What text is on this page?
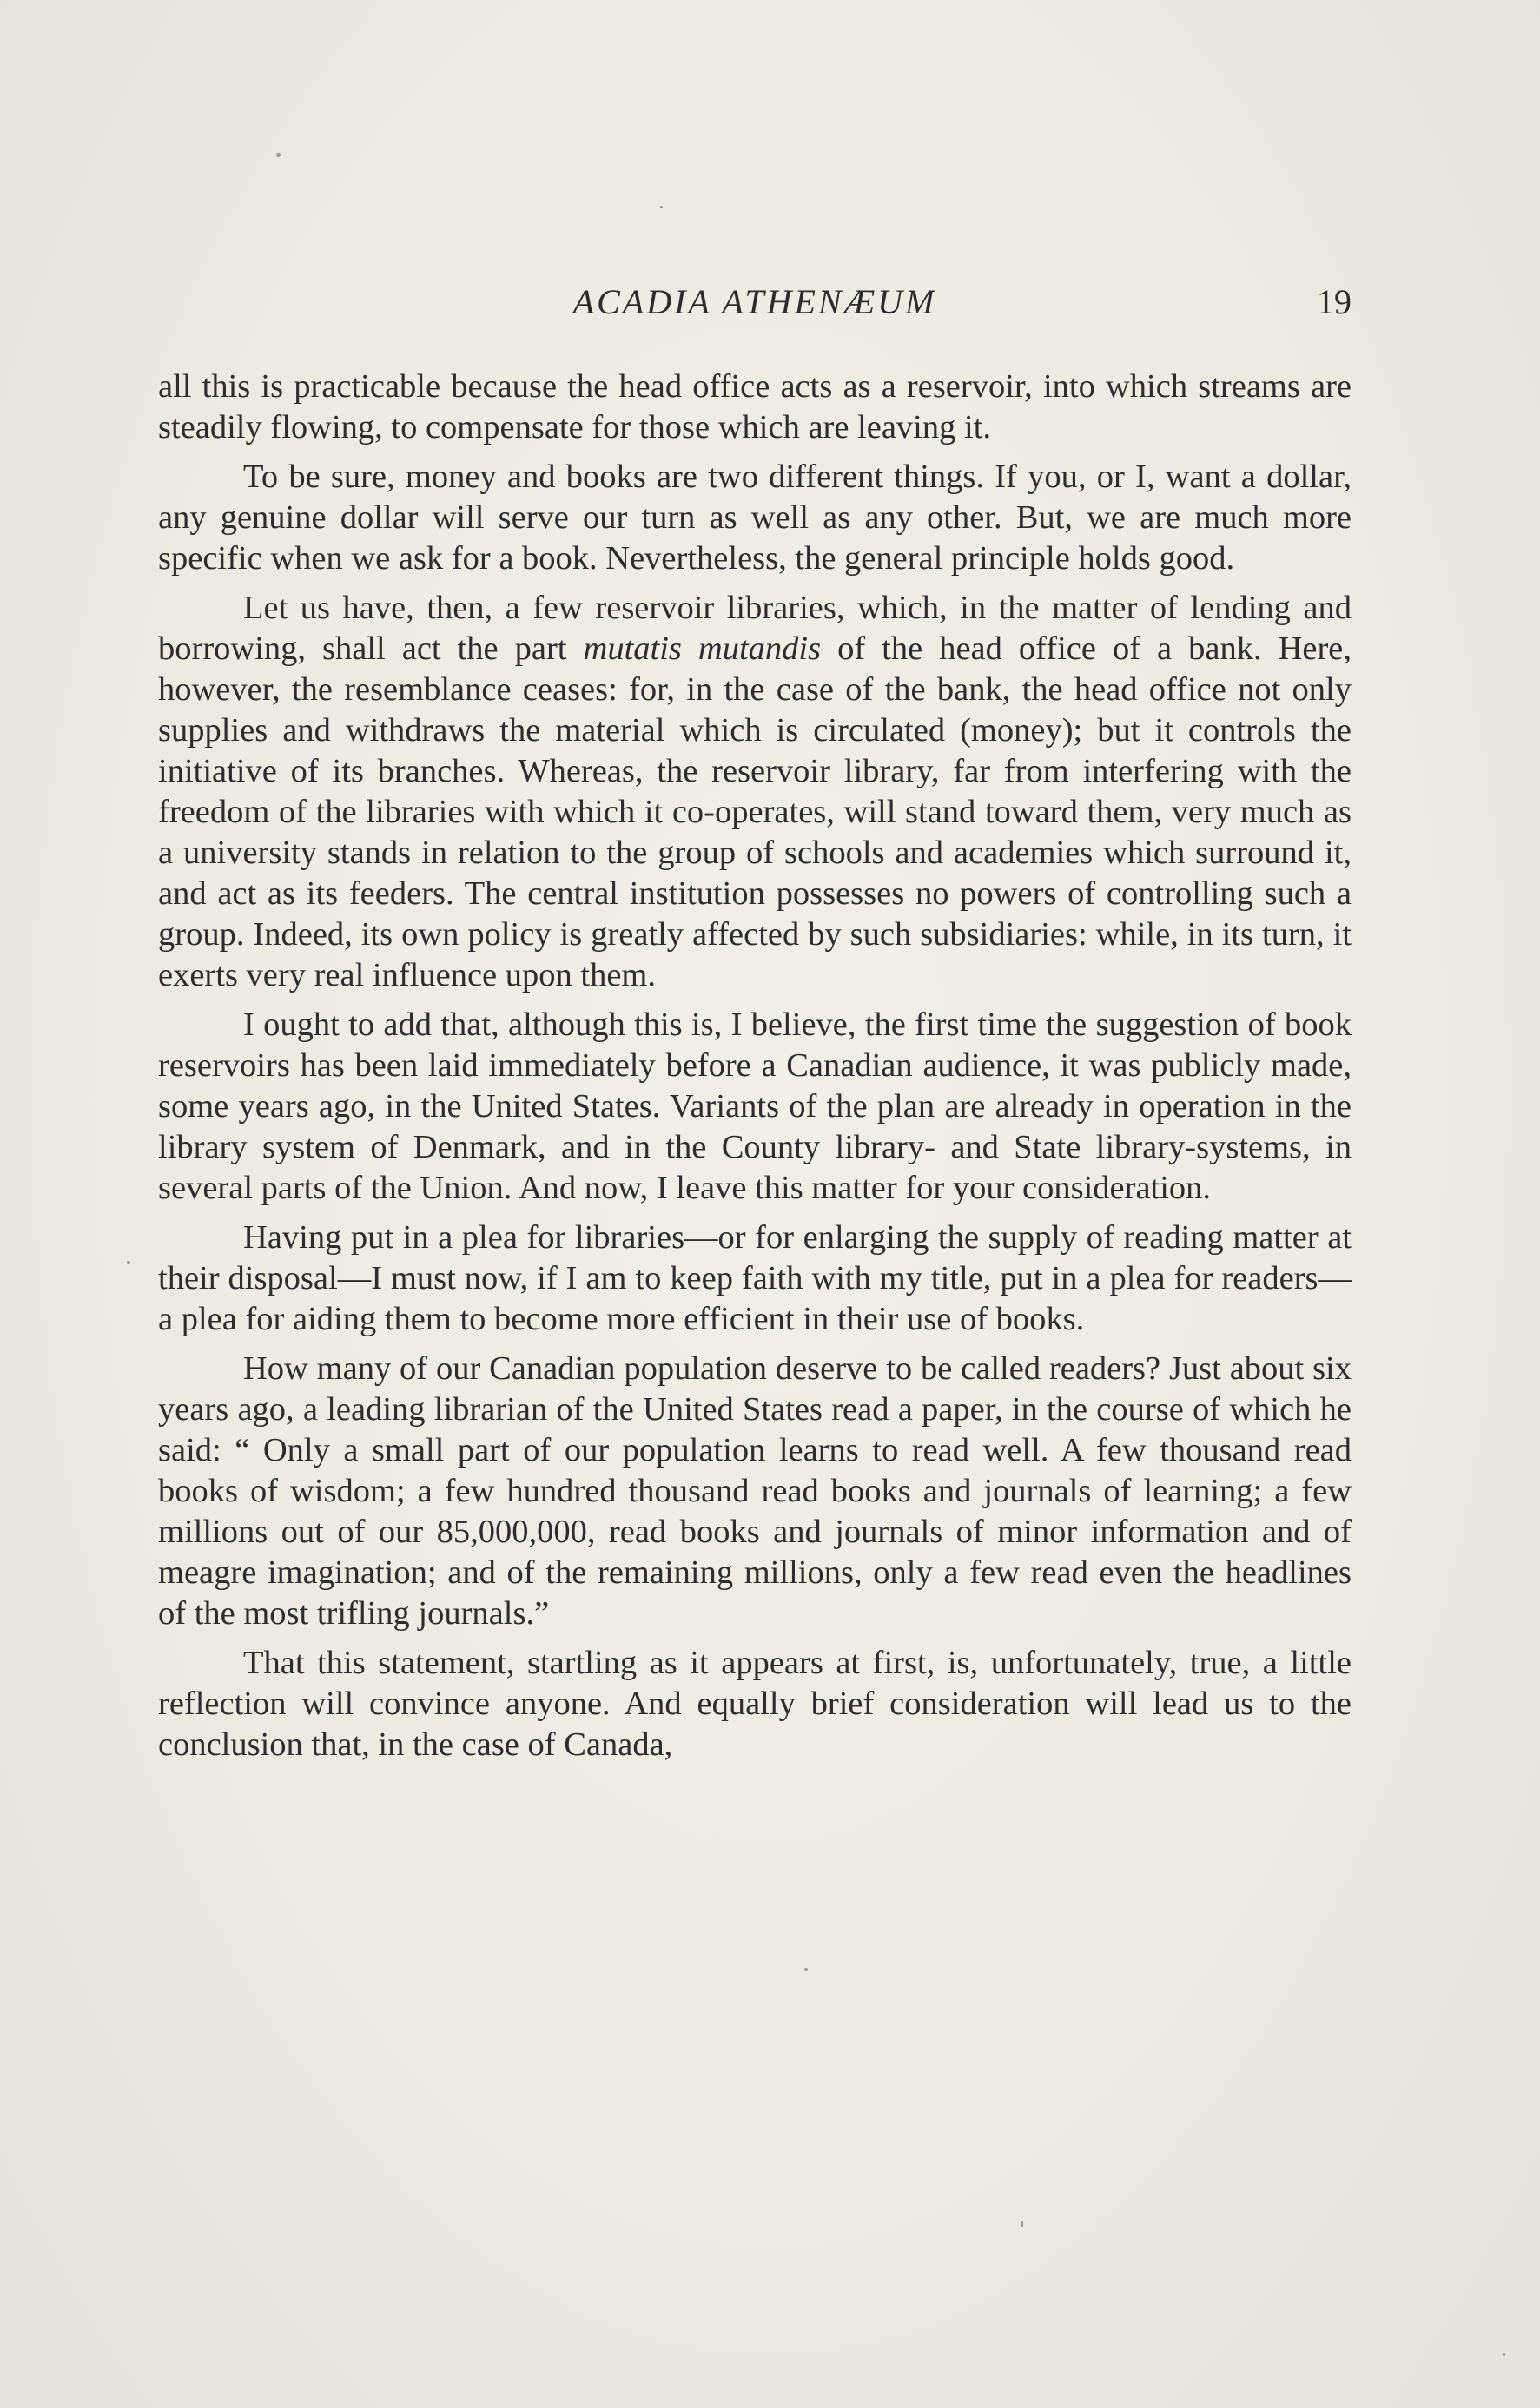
ACADIA ATHENÆUM	19

all this is practicable because the head office acts as a reservoir, into which streams are steadily flowing, to compensate for those which are leaving it.

To be sure, money and books are two different things. If you, or I, want a dollar, any genuine dollar will serve our turn as well as any other. But, we are much more specific when we ask for a book. Nevertheless, the general principle holds good.

Let us have, then, a few reservoir libraries, which, in the matter of lending and borrowing, shall act the part mutatis mutandis of the head office of a bank. Here, however, the resemblance ceases: for, in the case of the bank, the head office not only supplies and withdraws the material which is circulated (money); but it controls the initiative of its branches. Whereas, the reservoir library, far from interfering with the freedom of the libraries with which it co-operates, will stand toward them, very much as a university stands in relation to the group of schools and academies which surround it, and act as its feeders. The central institution possesses no powers of controlling such a group. Indeed, its own policy is greatly affected by such subsidiaries: while, in its turn, it exerts very real influence upon them.

I ought to add that, although this is, I believe, the first time the suggestion of book reservoirs has been laid immediately before a Canadian audience, it was publicly made, some years ago, in the United States. Variants of the plan are already in operation in the library system of Denmark, and in the County library- and State library-systems, in several parts of the Union. And now, I leave this matter for your consideration.

Having put in a plea for libraries—or for enlarging the supply of reading matter at their disposal—I must now, if I am to keep faith with my title, put in a plea for readers—a plea for aiding them to become more efficient in their use of books.

How many of our Canadian population deserve to be called readers? Just about six years ago, a leading librarian of the United States read a paper, in the course of which he said: “ Only a small part of our population learns to read well. A few thousand read books of wisdom; a few hundred thousand read books and journals of learning; a few millions out of our 85,000,000, read books and journals of minor information and of meagre imagination; and of the remaining millions, only a few read even the headlines of the most trifling journals.”

That this statement, startling as it appears at first, is, unfortunately, true, a little reflection will convince anyone. And equally brief consideration will lead us to the conclusion that, in the case of Canada,
